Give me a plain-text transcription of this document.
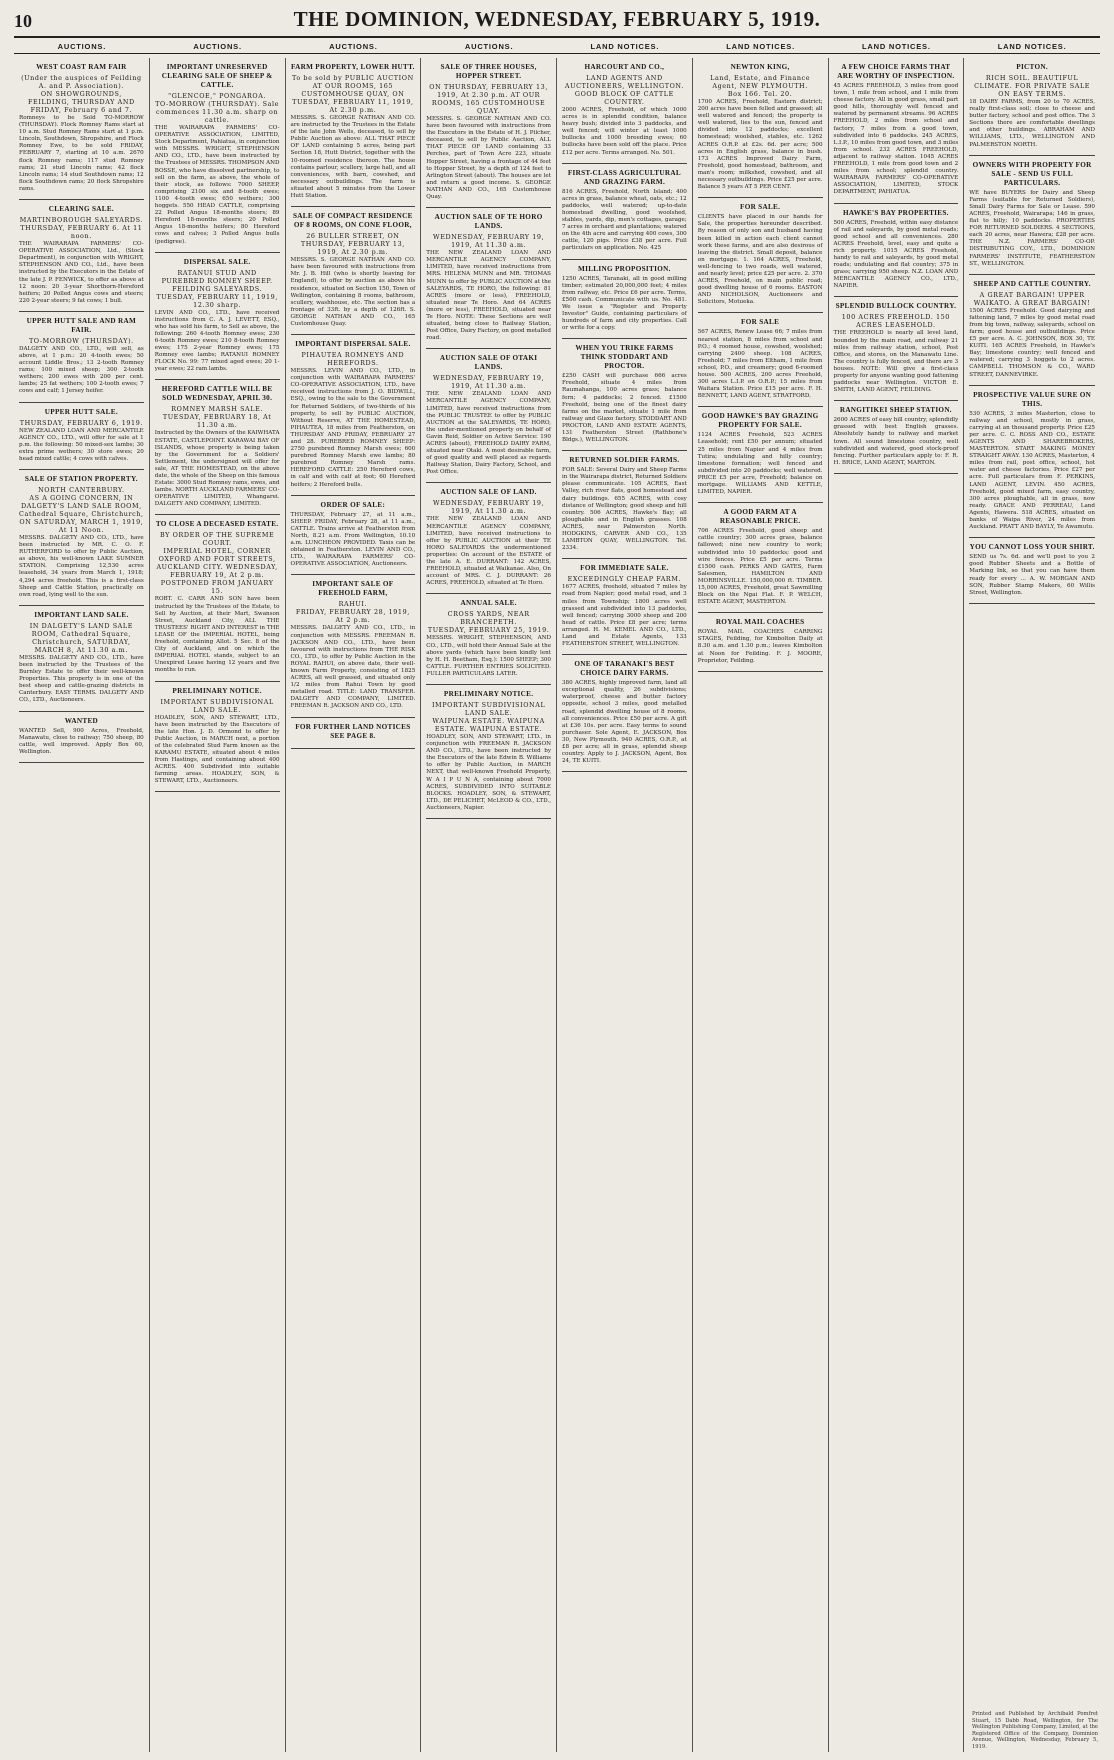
10	THE DOMINION, WEDNESDAY, FEBRUARY 5, 1919.
AUCTIONS.	AUCTIONS.	AUCTIONS.	AUCTIONS.	LAND NOTICES.	LAND NOTICES.	LAND NOTICES.	LAND NOTICES.
WEST COAST RAM FAIR
(Under the auspices of Feilding A. and P. Association).
ON SHOWGROUNDS, FEILDING, THURSDAY AND FRIDAY, February 6 and 7.

Romneys to be Sold TO-MORROW (THURSDAY). Flock Romney Rams start at 10 a.m. Stud Romney Rams start at 1 p.m. Lincoln, Southdown, Shropshire, and Flock Romney Ewe, to be sold FRIDAY, FEBRUARY 7, starting at 10 a.m. 2670 flock Romney rams; 117 stud Romney rams; 21 stud Lincoln rams; 42 flock Lincoln rams; 14 stud Southdown rams; 12 flock Southdown rams; 20 flock Shropshire rams.

CLEARING SALE.
MARTINBOROUGH SALEYARDS.
THURSDAY, FEBRUARY 6. At 11 noon.

THE WAIRARAPA FARMERS' CO-OPERATIVE ASSOCIATION, Ltd., (Stock Department), in conjunction with WRIGHT, STEPHENSON AND CO., Ltd., have been instructed by the Executors in the Estate of the late J. P. FENWICK, to offer as above at 12 noon: 20 3-year Shorthorn-Hereford heifers; 20 Polled Angus cows and steers; 220 2-year steers; 9 fat cows; 1 bull.

UPPER HUTT SALE AND RAM FAIR.
TO-MORROW (THURSDAY).

DALGETY AND CO., LTD., will sell, as above, at 1 p.m.: 20 4-tooth ewes; 50 account Liddle Bros.; 13 2-tooth Romney rams; 100 mixed sheep; 300 2-tooth wethers; 200 ewes with 200 per cent. lambs; 25 fat wethers; 100 2-tooth ewes; 7 cows and calf; 1 Jersey heifer.

UPPER HUTT SALE.
THURSDAY, FEBRUARY 6, 1919.

NEW ZEALAND LOAN AND MERCANTILE AGENCY CO., LTD., will offer for sale at 1 p.m. the following: 50 mixed-sex lambs; 30 extra prime wethers; 30 store ewes; 20 head mixed cattle; 4 cows with calves.

SALE OF STATION PROPERTY.
NORTH CANTERBURY.
AS A GOING CONCERN, IN DALGETY'S LAND SALE ROOM, Cathedral Square, Christchurch, ON SATURDAY, MARCH 1, 1919, At 11 Noon.

MESSRS. DALGETY AND CO., LTD., have been instructed by MR. C. O. F. RUTHERFORD to offer by Public Auction, as above, his well-known LAKE SUMNER STATION. Comprising 12,530 acres leasehold, 34 years from March 1, 1918; 4,294 acres freehold. This is a first-class Sheep and Cattle Station, practically on own road, lying well to the sun.

IMPORTANT LAND SALE.
IN DALGETY'S LAND SALE ROOM, Cathedral Square, Christchurch, SATURDAY, MARCH 8, At 11.30 a.m.

MESSRS. DALGETY AND CO., LTD., have been instructed by the Trustees of the Burnley Estate to offer their well-known Properties. This property is in one of the best sheep and cattle-grazing districts in Canterbury. EASY TERMS. DALGETY AND CO., LTD., Auctioneers.

WANTED

WANTED Sell, 900 Acres, Freehold, Manawatu, close to railway; 750 sheep, 80 cattle, well improved. Apply Box 60, Wellington.

IMPORTANT UNRESERVED CLEARING SALE OF SHEEP & CATTLE.
"GLENCOE," PONGAROA.
TO-MORROW (THURSDAY). Sale commences 11.30 a.m. sharp on cattle.

THE WAIRARAPA FARMERS' CO-OPERATIVE ASSOCIATION, LIMITED, Stock Department, Pahiatua, in conjunction with MESSRS. WRIGHT, STEPHENSON AND CO., LTD., have been instructed by the Trustees of MESSRS. THOMPSON AND BOSSE, who have dissolved partnership, to sell on the farm, as above, the whole of their stock, as follows: 7000 SHEEP, comprising 2100 six and 8-tooth ewes; 1100 4-tooth ewes; 650 wethers; 300 hoggets. 550 HEAD CATTLE, comprising 22 Polled Angus 18-months steers; 89 Hereford 18-months steers; 20 Polled Angus 18-months heifers; 80 Hereford cows and calves; 3 Polled Angus bulls (pedigree).

DISPERSAL SALE.
RATANUI STUD AND PUREBRED ROMNEY SHEEP.
FEILDING SALEYARDS. TUESDAY, FEBRUARY 11, 1919, 12.30 sharp.

LEVIN AND CO., LTD., have received instructions from C. A. J. LEVETT, ESQ., who has sold his farm, to Sell as above, the following: 260 4-tooth Romney ewes; 230 6-tooth Romney ewes; 210 8-tooth Romney ewes; 175 2-year Romney ewes; 175 Romney ewe lambs; RATANUI ROMNEY FLOCK No. 99: 77 mixed aged ewes; 20 1-year ewes; 22 ram lambs.

HEREFORD CATTLE WILL BE SOLD WEDNESDAY, APRIL 30.
ROMNEY MARSH SALE.
TUESDAY, FEBRUARY 18, At 11.30 a.m.

Instructed by the Owners of the KAIWHATA ESTATE, CASTLEPOINT. KARAWAI BAY OF ISLANDS, whose property is being taken by the Government for a Soldiers' Settlement, the undersigned will offer for sale, AT THE HOMESTEAD, on the above date, the whole of the Sheep on this famous Estate: 3000 Stud Romney rams, ewes, and lambs. NORTH AUCKLAND FARMERS' CO-OPERATIVE LIMITED, Whangarei. DALGETY AND COMPANY, LIMITED.

TO CLOSE A DECEASED ESTATE.
BY ORDER OF THE SUPREME COURT.
IMPERIAL HOTEL, CORNER OXFORD AND FORT STREETS, AUCKLAND CITY. WEDNESDAY, FEBRUARY 19, At 2 p.m. POSTPONED FROM JANUARY 15.

ROBT. C. CARR AND SON have been instructed by the Trustees of the Estate, to Sell by Auction, at their Mart, Swanson Street, Auckland City, ALL THE TRUSTEES' RIGHT AND INTEREST in THE LEASE OF the IMPERIAL HOTEL, being freehold, containing Allot. 5 Sec. 8 of the City of Auckland, and on which the IMPERIAL HOTEL stands, subject to an Unexpired Lease having 12 years and five months to run.

PRELIMINARY NOTICE.
IMPORTANT SUBDIVISIONAL LAND SALE.

HOADLEY, SON, AND STEWART, LTD., have been instructed by the Executors of the late Hon. J. D. Ormond to offer by Public Auction, in MARCH next, a portion of the celebrated Stud Farm known as the KARAMU ESTATE, situated about 4 miles from Hastings, and containing about 400 ACRES. 400 Subdivided into suitable farming areas. HOADLEY, SON, & STEWART, LTD., Auctioneers.

FARM PROPERTY, LOWER HUTT.
To be sold by PUBLIC AUCTION AT OUR ROOMS, 165 CUSTOMHOUSE QUAY, ON TUESDAY, FEBRUARY 11, 1919, At 2.30 p.m.

MESSRS. S. GEORGE NATHAN AND CO. are instructed by the Trustees in the Estate of the late John Wells, deceased, to sell by Public Auction as above: ALL THAT PIECE OF LAND containing 5 acres, being part Section 18, Hutt District, together with the 10-roomed residence thereon. The house contains parlour, scullery, large hall, and all conveniences, with barn, cowshed, and necessary outbuildings. The farm is situated about 5 minutes from the Lower Hutt Station.

SALE OF COMPACT RESIDENCE OF 8 ROOMS, ON CONE FLOOR,
26 BULLER STREET, ON THURSDAY, FEBRUARY 13, 1919, At 2.30 p.m.

MESSRS. S. GEORGE NATHAN AND CO. have been favoured with instructions from Mr. J. B. Hill (who is shortly leaving for England), to offer by auction as above his residence, situated on Section 150, Town of Wellington, containing 8 rooms, bathroom, scullery, washhouse, etc. The section has a frontage of 33ft. by a depth of 126ft. S. GEORGE NATHAN AND CO., 165 Customhouse Quay.

IMPORTANT DISPERSAL SALE.
PIHAUTEA ROMNEYS AND HEREFORDS.

MESSRS. LEVIN AND CO., LTD., in conjunction with WAIRARAPA FARMERS' CO-OPERATIVE ASSOCIATION, LTD., have received instructions from J. O. BIDWILL, ESQ., owing to the sale to the Government for Returned Soldiers, of two-thirds of his property, to sell by PUBLIC AUCTION, Without Reserve, AT THE HOMESTEAD, PIHAUTEA, 18 miles from Featherston, on THURSDAY AND FRIDAY, FEBRUARY 27 and 28. PUREBRED ROMNEY SHEEP: 2750 purebred Romney Marsh ewes; 600 purebred Romney Marsh ewe lambs; 80 purebred Romney Marsh rams. HEREFORD CATTLE: 250 Hereford cows, in calf and with calf at foot; 60 Hereford heifers; 2 Hereford bulls.

ORDER OF SALE:

THURSDAY, February 27, at 11 a.m., SHEEP. FRIDAY, February 28, at 11 a.m., CATTLE. Trains arrive at Featherston from North, 8.21 a.m. From Wellington, 10.10 a.m. LUNCHEON PROVIDED. Taxis can be obtained in Featherston. LEVIN AND CO., LTD., WAIRARAPA FARMERS' CO-OPERATIVE ASSOCIATION, Auctioneers.

IMPORTANT SALE OF FREEHOLD FARM,
RAHUI.
FRIDAY, FEBRUARY 28, 1919, At 2 p.m.

MESSRS. DALGETY AND CO., LTD., in conjunction with MESSRS. FREEMAN R. JACKSON AND CO., LTD., have been favoured with instructions from THE RISK CO., LTD., to offer by Public Auction in the ROYAL RAHUI, on above date, their well-known Farm Property, consisting of 1825 ACRES, all well grassed, and situated only 1/2 miles from Rahui Town by good metalled road. TITLE: LAND TRANSFER. DALGETY AND COMPANY, LIMITED. FREEMAN R. JACKSON AND CO., LTD.

FOR FURTHER LAND NOTICES SEE PAGE 8.
SALE OF THREE HOUSES, HOPPER STREET.
ON THURSDAY, FEBRUARY 13, 1919, At 2.30 p.m. AT OUR ROOMS, 165 CUSTOMHOUSE QUAY.

MESSRS. S. GEORGE NATHAN AND CO. have been favoured with instructions from the Executors in the Estate of H. J. Pilcher, deceased, to sell by Public Auction, ALL THAT PIECE OF LAND containing 33 Perches, part of Town Acre 223, situate Hopper Street, having a frontage of 44 feet to Hopper Street, by a depth of 124 feet to Arlington Street (about). The houses are let and return a good income. S. GEORGE NATHAN AND CO., 165 Customhouse Quay.

AUCTION SALE OF TE HORO LANDS.
WEDNESDAY, FEBRUARY 19, 1919, At 11.30 a.m.

THE NEW ZEALAND LOAN AND MERCANTILE AGENCY COMPANY, LIMITED, have received instructions from MRS. HELENA MUNN and MR. THOMAS MUNN to offer by PUBLIC AUCTION at the SALEYARDS, TE HORO, the following: 81 ACRES (more or less), FREEHOLD, situated near Te Horo. And 64 ACRES (more or less), FREEHOLD, situated near Te Horo. NOTE: These Sections are well situated, being close to Railway Station, Post Office, Dairy Factory, on good metalled road.

AUCTION SALE OF OTAKI LANDS.
WEDNESDAY, FEBRUARY 19, 1919, At 11.30 a.m.

THE NEW ZEALAND LOAN AND MERCANTILE AGENCY COMPANY, LIMITED, have received instructions from the PUBLIC TRUSTEE to offer by PUBLIC AUCTION at the SALEYARDS, TE HORO, the under-mentioned property on behalf of Gavin Reid, Soldier on Active Service: 190 ACRES (about), FREEHOLD DAIRY FARM, situated near Otaki. A most desirable farm, of good quality and well placed as regards Railway Station, Dairy Factory, School, and Post Office.

AUCTION SALE OF LAND.
WEDNESDAY, FEBRUARY 19, 1919, At 11.30 a.m.

THE NEW ZEALAND LOAN AND MERCANTILE AGENCY COMPANY, LIMITED, have received instructions to offer by PUBLIC AUCTION at their TE HORO SALEYARDS the undermentioned properties: On account of the ESTATE of the late A. E. DURRANT: 142 ACRES, FREEHOLD, situated at Waikanae. Also, On account of MRS. C. J. DURRANT: 26 ACRES, FREEHOLD, situated at Te Horo.

ANNUAL SALE.
CROSS YARDS, NEAR BRANCEPETH.
TUESDAY, FEBRUARY 25, 1919.

MESSRS. WRIGHT, STEPHENSON, AND CO., LTD., will hold their Annual Sale at the above yards (which have been kindly lent by H. H. Beetham, Esq.): 1500 SHEEP; 300 CATTLE. FURTHER ENTRIES SOLICITED. FULLER PARTICULARS LATER.

PRELIMINARY NOTICE.
IMPORTANT SUBDIVISIONAL LAND SALE.
WAIPUNA ESTATE. WAIPUNA ESTATE. WAIPUNA ESTATE.

HOADLEY, SON, AND STEWART, LTD., in conjunction with FREEMAN R. JACKSON AND CO., LTD., have been instructed by the Executors of the late Edwin B. Williams to offer by Public Auction, in MARCH NEXT, that well-known Freehold Property, W A I P U N A, containing about 7000 ACRES, SUBDIVIDED INTO SUITABLE BLOCKS. HOADLEY, SON, & STEWART, LTD., DE PELICHET, McLEOD & CO., LTD., Auctioneers, Napier.

HARCOURT AND CO.,
LAND AGENTS AND AUCTIONEERS, WELLINGTON.
GOOD BLOCK OF CATTLE COUNTRY.

2000 ACRES, Freehold, of which 1000 acres is in splendid condition, balance heavy bush; divided into 3 paddocks, and well fenced; will winter at least 1000 bullocks and 1000 breeding ewes; 60 bullocks have been sold off the place. Price £12 per acre. Terms arranged. No. 501.

FIRST-CLASS AGRICULTURAL AND GRAZING FARM.

816 ACRES, Freehold, North Island; 400 acres in grass, balance wheat, oats, etc.; 12 paddocks, well watered; up-to-date homestead dwelling, good woolshed, stables, yards, dip, men's cottages, garage; 7 acres in orchard and plantations; watered on the 4th acre and carrying 400 cows, 300 cattle, 120 pigs. Price £38 per acre. Full particulars on application. No. 425

MILLING PROPOSITION.

1250 ACRES, Taranaki, all in good milling timber; estimated 20,000,000 feet; 4 miles from railway, etc. Price £6 per acre. Terms, £500 cash. Communicate with us. No. 481. We issue a "Register and Property Investor" Guide, containing particulars of hundreds of farm and city properties. Call or write for a copy.

WHEN YOU TRIKE FARMS THINK STODDART AND PROCTOR.

£250 CASH will purchase 666 acres Freehold, situate 4 miles from Raumahanga, 100 acres grass; balance fern; 4 paddocks; 2 fenced. £1500 Freehold, being one of the finest dairy farms on the market, situate 1 mile from railway and Glaxo factory. STODDART AND PROCTOR, LAND AND ESTATE AGENTS, 131 Featherston Street (Rathbone's Bldgs.), WELLINGTON.

RETURNED SOLDIER FARMS.

FOR SALE: Several Dairy and Sheep Farms in the Wairarapa district, Returned Soldiers please communicate. 105 ACRES, East Valley, rich river flats, good homestead and dairy buildings. 655 ACRES, with cosy distance of Wellington; good sheep and hill country. 506 ACRES, Hawke's Bay; all ploughable and in English grasses. 108 ACRES, near Palmerston North. HODGKINS, CARVER AND CO., 135 LAMBTON QUAY, WELLINGTON. Tel. 2334.

FOR IMMEDIATE SALE.
EXCEEDINGLY CHEAP FARM.

1677 ACRES, freehold, situated 7 miles by road from Napier; good metal road, and 3 miles from Township; 1800 acres well grassed and subdivided into 13 paddocks, well fenced; carrying 3000 sheep and 200 head of cattle. Price £8 per acre; terms arranged. H. M. KEMEL AND CO., LTD., Land and Estate Agents, 133 FEATHERSTON STREET, WELLINGTON.

ONE OF TARANAKI'S BEST CHOICE DAIRY FARMS.

380 ACRES, highly improved farm, land all exceptional quality, 26 subdivisions; waterproof, cheese and butter factory opposite, school 3 miles, good metalled road, splendid dwelling house of 8 rooms, all conveniences. Price £50 per acre. A gift at £36 10s. per acre. Easy terms to sound purchaser. Sole Agent, E. JACKSON, Box 30, New Plymouth. 940 ACRES, O.R.P., at £8 per acre; all in grass, splendid sheep country. Apply to J. JACKSON, Agent, Box 24, TE KUITI.

NEWTON KING,
Land, Estate, and Finance Agent, NEW PLYMOUTH.
Box 166. Tel. 20.

1700 ACRES, Freehold, Eastern district; 200 acres have been felled and grassed; all well watered and fenced; the property is well watered, lies to the sun, fenced and divided into 12 paddocks; excellent homestead; woolshed, stables, etc. 1262 ACRES O.R.P. at £2s. 6d. per acre; 500 acres in English grass, balance in bush. 173 ACRES Improved Dairy Farm, Freehold, good homestead, bathroom, and man's room; milkshed, cowshed, and all necessary outbuildings. Price £25 per acre. Balance 5 years AT 5 PER CENT.

FOR SALE.

CLIENTS have placed in our hands for Sale, the properties hereunder described. By reason of only son and husband having been killed in action each client cannot work these farms, and are also desirous of leaving the district. Small deposit, balance on mortgage. 1. 164 ACRES, Freehold, well-fencing to two roads, well watered, and nearly level; price £25 per acre. 2. 370 ACRES, Freehold, on main public road; good dwelling house of 6 rooms. EASTON AND NICHOLSON, Auctioneers and Solicitors, Motueka.

FOR SALE

567 ACRES, Renew Lease 66; 7 miles from nearest station, 8 miles from school and P.O.; 4 roomed house, cowshed, woolshed; carrying 2400 sheep. 108 ACRES, Freehold; 7 miles from Eltham, 1 mile from school, P.O., and creamery; good 6-roomed house. 500 ACRES, 200 acres Freehold, 300 acres L.I.P. on O.R.P.; 15 miles from Waitara Station. Price £15 per acre. F. H. BENNETT, LAND AGENT, STRATFORD.

GOOD HAWKE'S BAY GRAZING PROPERTY FOR SALE.

1124 ACRES Freehold, 523 ACRES Leasehold; rent £50 per annum; situated 25 miles from Napier and 4 miles from Tutira; undulating and hilly country; limestone formation; well fenced and subdivided into 20 paddocks; well watered. PRICE £5 per acre, Freehold; balance on mortgage. WILLIAMS AND KETTLE, LIMITED, NAPIER.

A GOOD FARM AT A REASONABLE PRICE.

706 ACRES Freehold, good sheep and cattle country; 300 acres grass, balance fallowed; nine new country to work; subdivided into 10 paddocks; good and wire fences. Price £5 per acre. Terms £1500 cash. PERKS AND GATES, Farm Salesmen, HAMILTON AND MORRINSVILLE. 150,000,000 ft. TIMBER. 15,000 ACRES, Freehold, great Sawmilling Block on the Ngai Flat. F. P. WELCH, ESTATE AGENT, MASTERTON.

ROYAL MAIL COACHES

ROYAL MAIL COACHES CARRING STAGES, Feilding, for Kimbolton Daily at 8.30 a.m. and 1.30 p.m.; leaves Kimbolton at Noon for Feilding. F. J. MOORE, Proprietor, Feilding.

A FEW CHOICE FARMS THAT ARE WORTHY OF INSPECTION.

45 ACRES FREEHOLD, 3 miles from good town, 1 mile from school, and 1 mile from cheese factory. All in good grass, small part good hills, thoroughly well fenced and watered by permanent streams. 96 ACRES FREEHOLD, 2 miles from school and factory, 7 miles from a good town, subdivided into 6 paddocks. 245 ACRES, L.I.P., 10 miles from good town, and 3 miles from school. 232 ACRES FREEHOLD, adjacent to railway station. 1045 ACRES FREEHOLD, 1 mile from good town and 2 miles from school; splendid country. WAIRARAPA FARMERS' CO-OPERATIVE ASSOCIATION, LIMITED, STOCK DEPARTMENT, PAHIATUA.

HAWKE'S BAY PROPERTIES.

500 ACRES, Freehold, within easy distance of rail and saleyards, by good metal roads; good school and all conveniences. 280 ACRES Freehold, level, easy and quite a rich property. 1015 ACRES Freehold, handy to rail and saleyards, by good metal roads; undulating and flat country; 375 in grass; carrying 950 sheep. N.Z. LOAN AND MERCANTILE AGENCY CO., LTD., NAPIER.

SPLENDID BULLOCK COUNTRY.
100 ACRES FREEHOLD. 150 ACRES LEASEHOLD.

THE FREEHOLD is nearly all level land, bounded by the main road, and railway 21 miles from railway station, school, Post Office, and stores, on the Manawatu Line. The country is fully fenced, and there are 3 houses. NOTE: Will give a first-class property for anyone wanting good fattening paddocks near Wellington. VICTOR E. SMITH, LAND AGENT, FEILDING.

RANGITIKEI SHEEP STATION.

2600 ACRES of easy hill country, splendidly grassed with best English grasses. Absolutely handy to railway and market town. All sound limestone country, well subdivided and watered, good stock-proof fencing. Further particulars apply to: F. R. H. BRICE, LAND AGENT, MARTON.

PICTON.
RICH SOIL. BEAUTIFUL CLIMATE. FOR PRIVATE SALE ON EASY TERMS.

18 DAIRY FARMS, from 20 to 70 ACRES, really first-class soil; close to cheese and butter factory, school and post office. The 3 Sections there are comfortable dwellings and other buildings. ABRAHAM AND WILLIAMS, LTD., WELLINGTON AND PALMERSTON NORTH.

OWNERS WITH PROPERTY FOR SALE - SEND US FULL PARTICULARS.

WE have BUYERS for Dairy and Sheep Farms (suitable for Returned Soldiers), Small Dairy Farms for Sale or Lease. 590 ACRES, Freehold, Wairarapa; 146 in grass, flat to hilly; 10 paddocks. PROPERTIES FOR RETURNED SOLDIERS. 4 SECTIONS, each 20 acres, near Hawera; £28 per acre. THE N.Z. FARMERS' CO-OP. DISTRIBUTING COY., LTD., DOMINION FARMERS' INSTITUTE, FEATHERSTON ST., WELLINGTON.

SHEEP AND CATTLE COUNTRY.
A GREAT BARGAIN! UPPER WAIKATO. A GREAT BARGAIN!

1500 ACRES Freehold. Good dairying and fattening land, 7 miles by good metal road from big town, railway, saleyards, school on farm; good house and outbuildings. Price £5 per acre. A. C. JOHNSON, BOX 30, TE KUITI. 165 ACRES Freehold, in Hawke's Bay; limestone country; well fenced and watered; carrying 3 hoggets to 2 acres. CAMPBELL THOMSON & CO., WARD STREET, DANNEVIRKE.

PROSPECTIVE VALUE SURE ON THIS.

530 ACRES, 3 miles Masterton, close to railway and school, mostly in grass, carrying at an thousand property. Price £25 per acre. C. C. ROSS AND CO., ESTATE AGENTS AND SHAREBROKERS, MASTERTON. START MAKING MONEY STRAIGHT AWAY. 130 ACRES, Masterton, 4 miles from rail, post office, school, hot water and chesse factories. Price £27 per acre. Full particulars from F. PERKINS, LAND AGENT, LEVIN. 450 ACRES, Freehold, good mixed farm, easy country, 300 acres ploughable, all in grass, now ready. GRACE AND PERREAU, Land Agents, Hawera. 518 ACRES, situated on banks of Waipa River, 24 miles from Auckland. PRATT AND BAYLY, Te Awamutu.

YOU CANNOT LOSS YOUR SHIRT.

SEND us 7s. 6d. and we'll post to you 2 good Rubber Sheets and a Bottle of Marking Ink, so that you can have them ready for every ... A. W. MORGAN AND SON, Rubber Stamp Makers, 60 Willis Street, Wellington.

Printed and Published by Archibald Pomfret Stuart, 15 Dabb Road, Wellington, for The Wellington Publishing Company, Limited, at the Registered Office of the Company, Dominion Avenue, Wellington, Wednesday, February 5, 1919.
